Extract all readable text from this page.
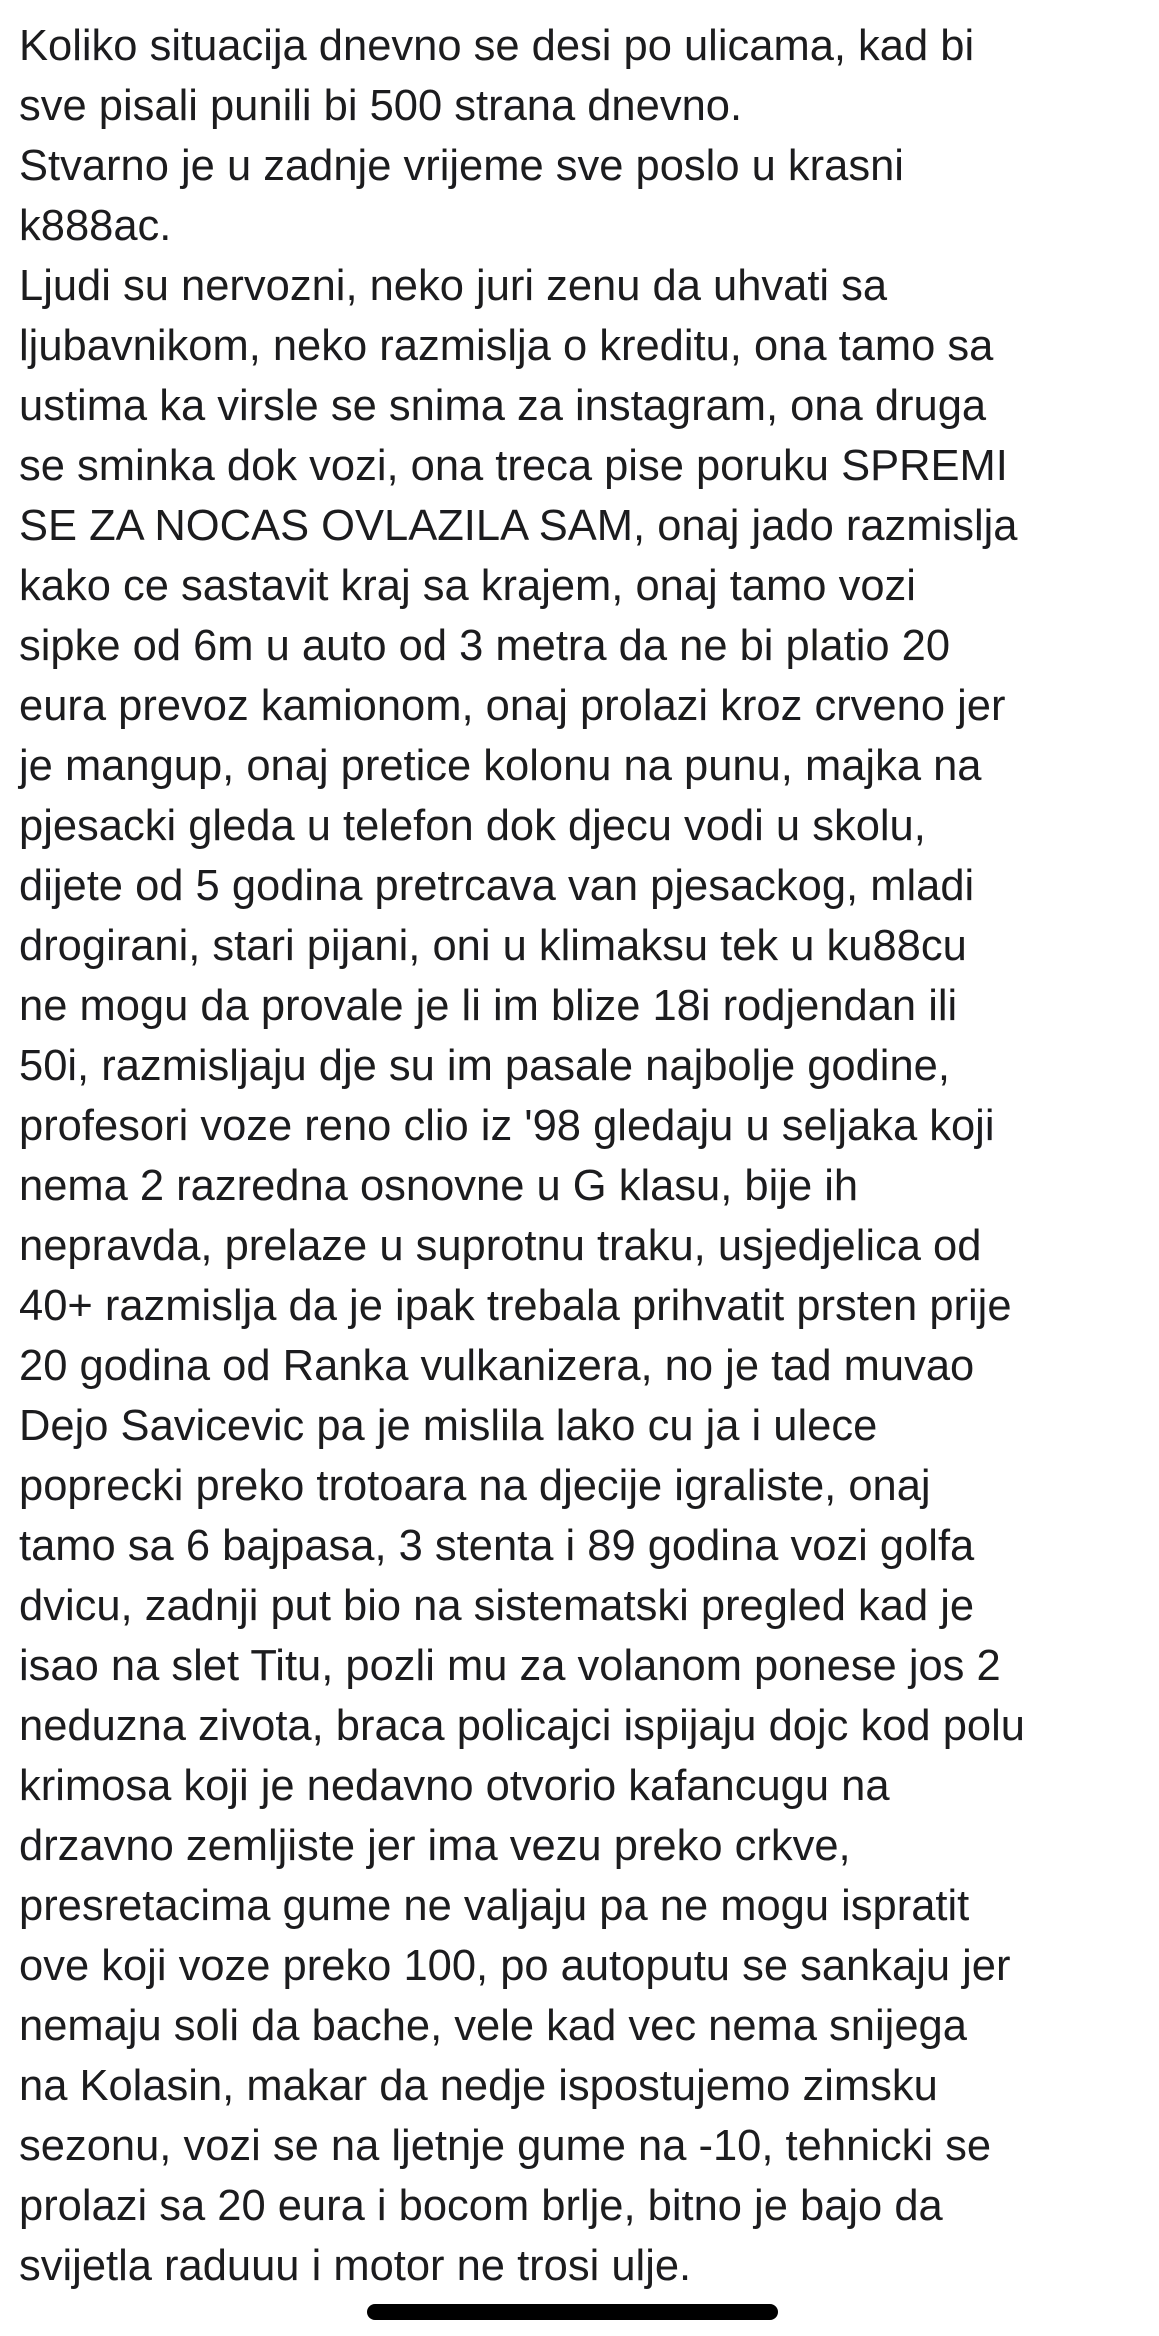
Koliko situacija dnevno se desi po ulicama, kad bi
sve pisali punili bi 500 strana dnevno.
Stvarno je u zadnje vrijeme sve poslo u krasni
k888ac.
Ljudi su nervozni, neko juri zenu da uhvati sa
ljubavnikom, neko razmislja o kreditu, ona tamo sa
ustima ka virsle se snima za instagram, ona druga
se sminka dok vozi, ona treca pise poruku SPREMI
SE ZA NOCAS OVLAZILA SAM, onaj jado razmislja
kako ce sastavit kraj sa krajem, onaj tamo vozi
sipke od 6m u auto od 3 metra da ne bi platio 20
eura prevoz kamionom, onaj prolazi kroz crveno jer
je mangup, onaj pretice kolonu na punu, majka na
pjesacki gleda u telefon dok djecu vodi u skolu,
dijete od 5 godina pretrcava van pjesackog, mladi
drogirani, stari pijani, oni u klimaksu tek u ku88cu
ne mogu da provale je li im blize 18i rodjendan ili
50i, razmisljaju dje su im pasale najbolje godine,
profesori voze reno clio iz '98 gledaju u seljaka koji
nema 2 razredna osnovne u G klasu, bije ih
nepravda, prelaze u suprotnu traku, usjedjelica od
40+ razmislja da je ipak trebala prihvatit prsten prije
20 godina od Ranka vulkanizera, no je tad muvao
Dejo Savicevic pa je mislila lako cu ja i ulece
poprecki preko trotoara na djecije igraliste, onaj
tamo sa 6 bajpasa, 3 stenta i 89 godina vozi golfa
dvicu, zadnji put bio na sistematski pregled kad je
isao na slet Titu, pozli mu za volanom ponese jos 2
neduzna zivota, braca policajci ispijaju dojc kod polu
krimosa koji je nedavno otvorio kafancugu na
drzavno zemljiste jer ima vezu preko crkve,
presretacima gume ne valjaju pa ne mogu ispratit
ove koji voze preko 100, po autoputu se sankaju jer
nemaju soli da bache, vele kad vec nema snijega
na Kolasin, makar da nedje ispostujemo zimsku
sezonu, vozi se na ljetnje gume na -10, tehnicki se
prolazi sa 20 eura i bocom brlje, bitno je bajo da
svijetla raduuu i motor ne trosi ulje.
